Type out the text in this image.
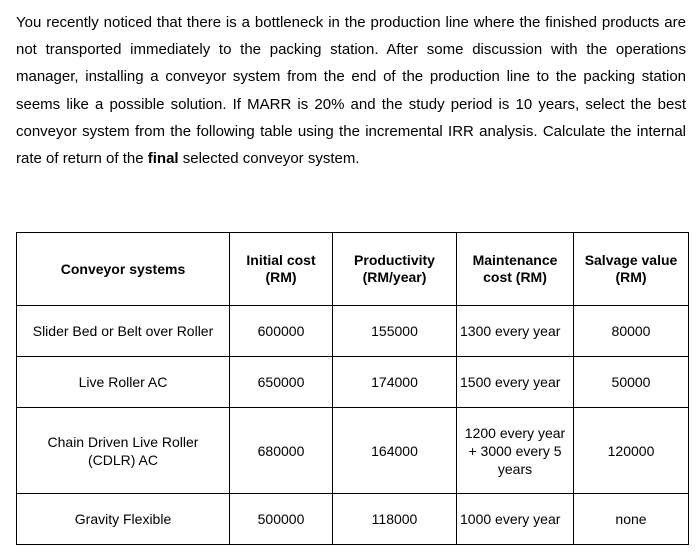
You recently noticed that there is a bottleneck in the production line where the finished products are not transported immediately to the packing station. After some discussion with the operations manager, installing a conveyor system from the end of the production line to the packing station seems like a possible solution. If MARR is 20% and the study period is 10 years, select the best conveyor system from the following table using the incremental IRR analysis. Calculate the internal rate of return of the final selected conveyor system.

Conveyor systems	Initial cost (RM)	Productivity (RM/year)	Maintenance cost (RM)	Salvage value (RM)
Slider Bed or Belt over Roller	600000	155000	1300 every year	80000
Live Roller AC	650000	174000	1500 every year	50000
Chain Driven Live Roller (CDLR) AC	680000	164000	1200 every year + 3000 every 5 years	120000
Gravity Flexible	500000	118000	1000 every year	none
